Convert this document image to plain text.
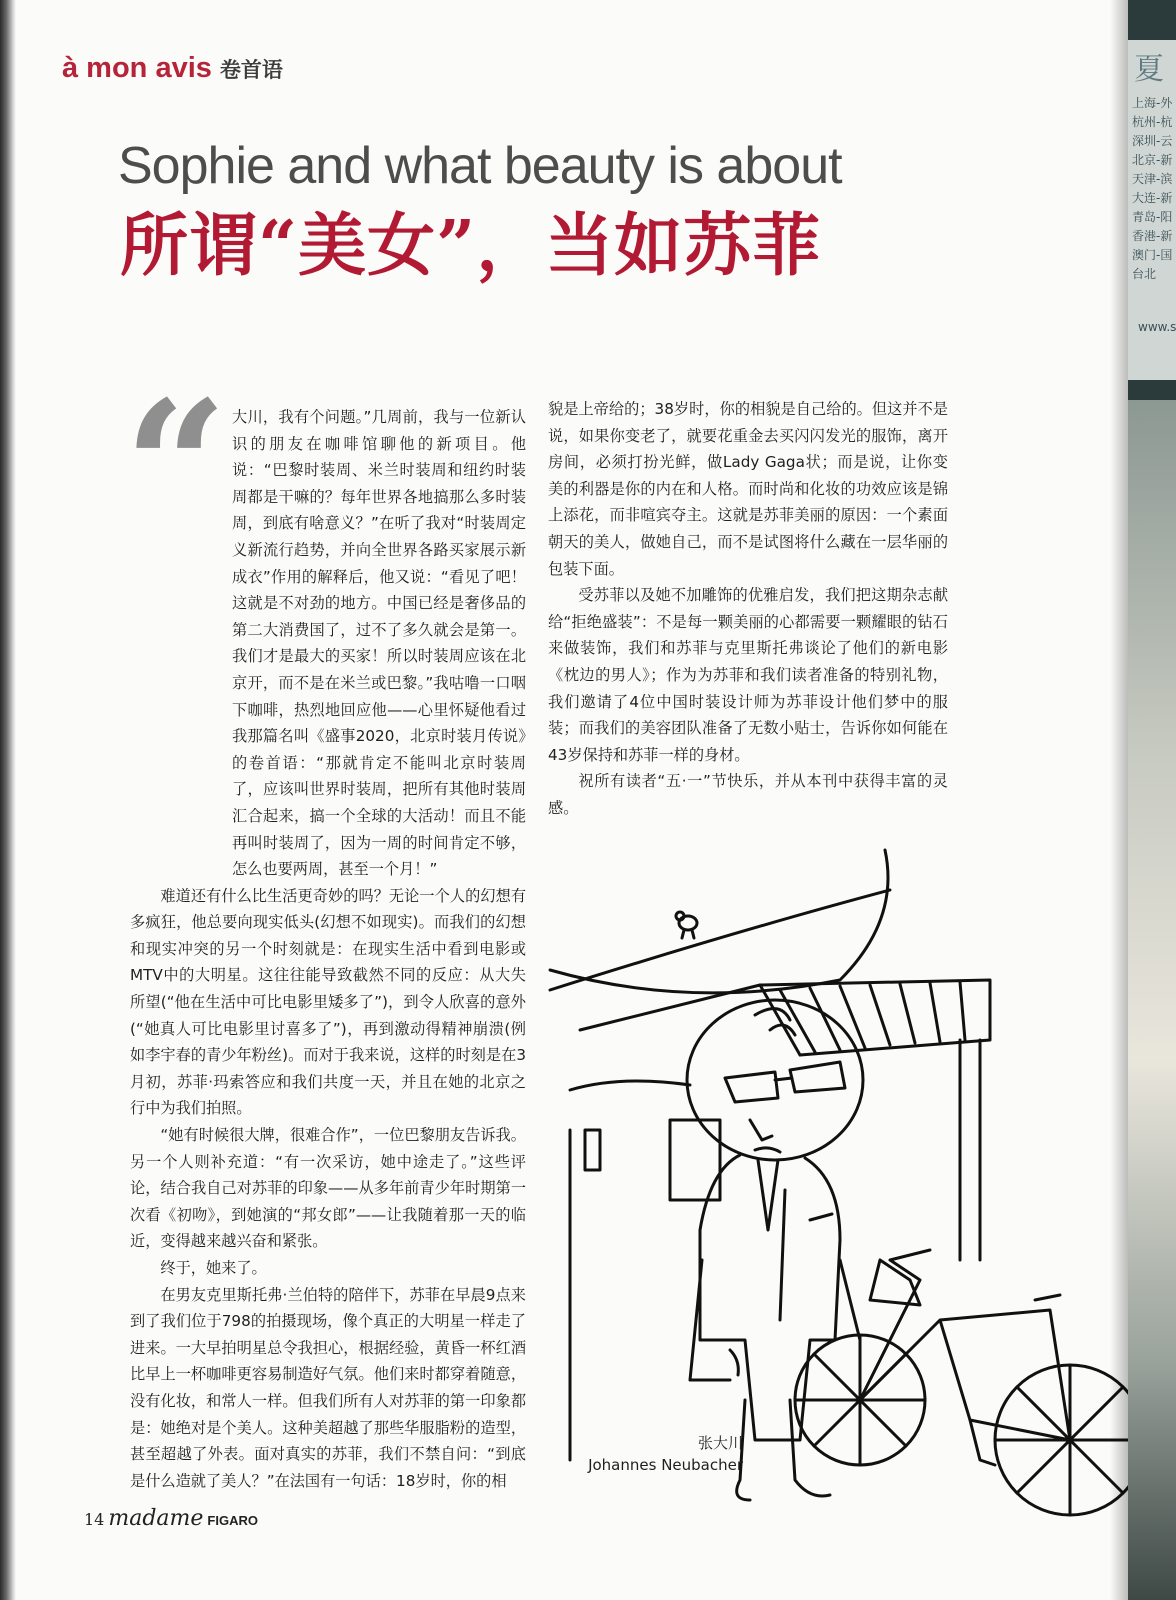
à mon avis 卷首语
Sophie and what beauty is about
所谓“美女”，当如苏菲
“ 大川，我有个问题。”几周前，我与一位新认识的朋友在咖啡馆聊他的新项目。他说：“巴黎时装周、米兰时装周和纽约时装周都是干嘛的？每年世界各地搞那么多时装周，到底有啥意义？”在听了我对“时装周定义新流行趋势，并向全世界各路买家展示新成衣”作用的解释后，他又说：“看见了吧！这就是不对劲的地方。中国已经是奢侈品的第二大消费国了，过不了多久就会是第一。我们才是最大的买家！所以时装周应该在北京开，而不是在米兰或巴黎。”我咕噜一口咽下咖啡，热烈地回应他——心里怀疑他看过我那篇名叫《盛事2020，北京时装月传说》的卷首语：“那就肯定不能叫北京时装周了，应该叫世界时装周，把所有其他时装周汇合起来，搞一个全球的大活动！而且不能再叫时装周了，因为一周的时间肯定不够，怎么也要两周，甚至一个月！”

难道还有什么比生活更奇妙的吗？无论一个人的幻想有多疯狂，他总要向现实低头(幻想不如现实)。而我们的幻想和现实冲突的另一个时刻就是：在现实生活中看到电影或MTV中的大明星。这往往能导致截然不同的反应：从大失所望(“他在生活中可比电影里矮多了”)，到令人欣喜的意外(“她真人可比电影里讨喜多了”)，再到激动得精神崩溃(例如李宇春的青少年粉丝)。而对于我来说，这样的时刻是在3月初，苏菲·玛索答应和我们共度一天，并且在她的北京之行中为我们拍照。

“她有时候很大牌，很难合作”，一位巴黎朋友告诉我。另一个人则补充道：“有一次采访，她中途走了。”这些评论，结合我自己对苏菲的印象——从多年前青少年时期第一次看《初吻》，到她演的“邦女郎”——让我随着那一天的临近，变得越来越兴奋和紧张。

终于，她来了。

在男友克里斯托弗·兰伯特的陪伴下，苏菲在早晨9点来到了我们位于798的拍摄现场，像个真正的大明星一样走了进来。一大早拍明星总令我担心，根据经验，黄昏一杯红酒比早上一杯咖啡更容易制造好气氛。他们来时都穿着随意，没有化妆，和常人一样。但我们所有人对苏菲的第一印象都是：她绝对是个美人。这种美超越了那些华服脂粉的造型，甚至超越了外表。面对真实的苏菲，我们不禁自问：“到底是什么造就了美人？”在法国有一句话：18岁时，你的相

貌是上帝给的；38岁时，你的相貌是自己给的。但这并不是说，如果你变老了，就要花重金去买闪闪发光的服饰，离开房间，必须打扮光鲜，做Lady Gaga状；而是说，让你变美的利器是你的内在和人格。而时尚和化妆的功效应该是锦上添花，而非喧宾夺主。这就是苏菲美丽的原因：一个素面朝天的美人，做她自己，而不是试图将什么藏在一层华丽的包装下面。

受苏菲以及她不加雕饰的优雅启发，我们把这期杂志献给“拒绝盛装”：不是每一颗美丽的心都需要一颗耀眼的钻石来做装饰，我们和苏菲与克里斯托弗谈论了他们的新电影《枕边的男人》；作为为苏菲和我们读者准备的特别礼物，我们邀请了4位中国时装设计师为苏菲设计他们梦中的服装；而我们的美容团队准备了无数小贴士，告诉你如何能在43岁保持和苏菲一样的身材。

祝所有读者“五·一”节快乐，并从本刊中获得丰富的灵感。

张大川
Johannes Neubacher
14 madame FIGARO
夏
上海-外
杭州-杭
深圳-云
北京-新
天津-滨
大连-新
青岛-阳
香港-新
澳门-国
台北
www.s
